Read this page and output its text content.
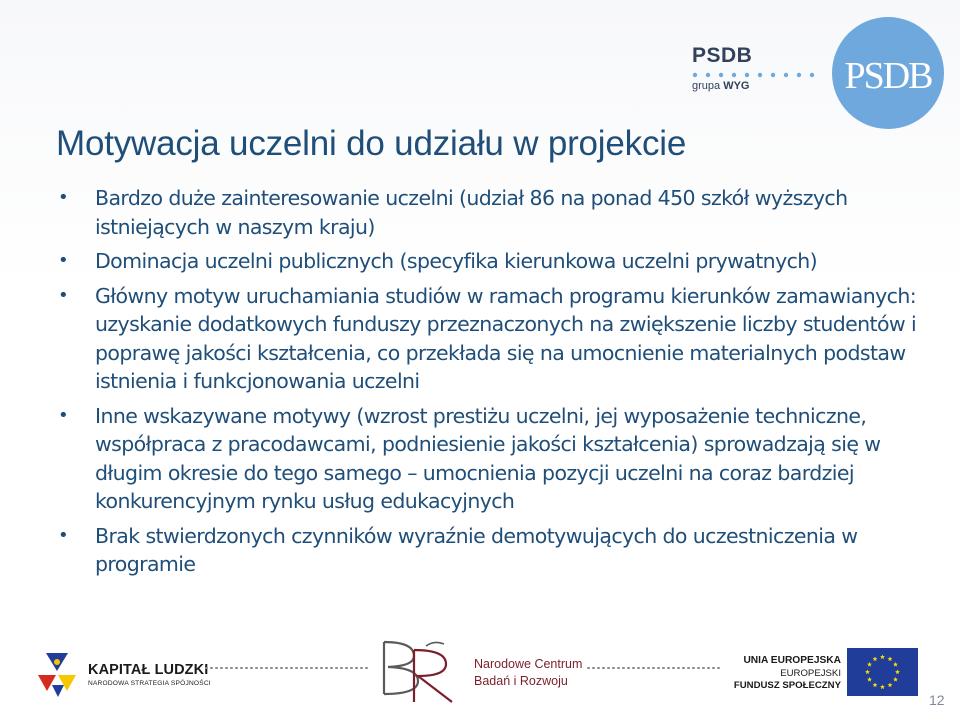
PSDB
grupa WYG PSDB
Motywacja uczelni do udziału w projekcie
• Bardzo duże zainteresowanie uczelni (udział 86 na ponad 450 szkół wyższych istniejących w naszym kraju)
• Dominacja uczelni publicznych (specyfika kierunkowa uczelni prywatnych)
• Główny motyw uruchamiania studiów w ramach programu kierunków zamawianych: uzyskanie dodatkowych funduszy przeznaczonych na zwiększenie liczby studentów i poprawę jakości kształcenia, co przekłada się na umocnienie materialnych podstaw istnienia i funkcjonowania uczelni
• Inne wskazywane motywy (wzrost prestiżu uczelni, jej wyposażenie techniczne, współpraca z pracodawcami, podniesienie jakości kształcenia) sprowadzają się w długim okresie do tego samego – umocnienia pozycji uczelni na coraz bardziej konkurencyjnym rynku usług edukacyjnych
• Brak stwierdzonych czynników wyraźnie demotywujących do uczestniczenia w programie
KAPITAŁ LUDZKI
NARODOWA STRATEGIA SPÓJNOŚCI
Narodowe Centrum
Badań i Rozwoju
UNIA EUROPEJSKA
EUROPEJSKI
FUNDUSZ SPOŁECZNY
12
